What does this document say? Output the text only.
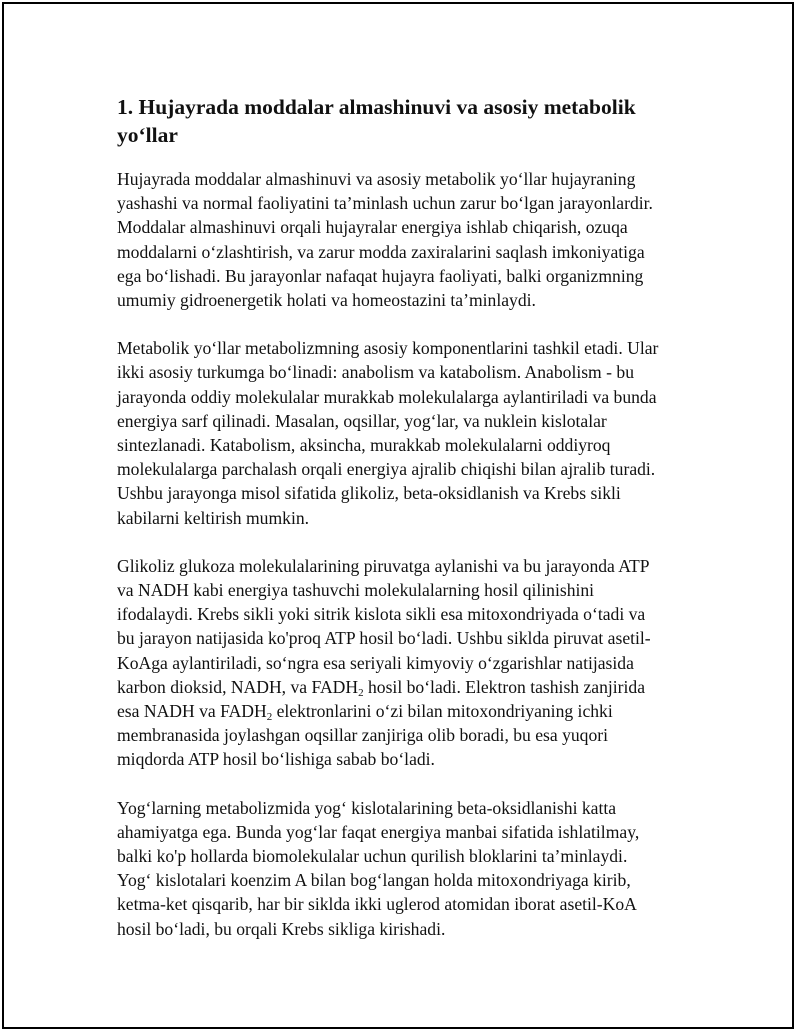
1. Hujayrada moddalar almashinuvi va asosiy metabolik
yo‘llar

Hujayrada moddalar almashinuvi va asosiy metabolik yo‘llar hujayraning
yashashi va normal faoliyatini ta’minlash uchun zarur bo‘lgan jarayonlardir.
Moddalar almashinuvi orqali hujayralar energiya ishlab chiqarish, ozuqa
moddalarni o‘zlashtirish, va zarur modda zaxiralarini saqlash imkoniyatiga
ega bo‘lishadi. Bu jarayonlar nafaqat hujayra faoliyati, balki organizmning
umumiy gidroenergetik holati va homeostazini ta’minlaydi.

Metabolik yo‘llar metabolizmning asosiy komponentlarini tashkil etadi. Ular
ikki asosiy turkumga bo‘linadi: anabolism va katabolism. Anabolism - bu
jarayonda oddiy molekulalar murakkab molekulalarga aylantiriladi va bunda
energiya sarf qilinadi. Masalan, oqsillar, yog‘lar, va nuklein kislotalar
sintezlanadi. Katabolism, aksincha, murakkab molekulalarni oddiyroq
molekulalarga parchalash orqali energiya ajralib chiqishi bilan ajralib turadi.
Ushbu jarayonga misol sifatida glikoliz, beta-oksidlanish va Krebs sikli
kabilarni keltirish mumkin.

Glikoliz glukoza molekulalarining piruvatga aylanishi va bu jarayonda ATP
va NADH kabi energiya tashuvchi molekulalarning hosil qilinishini
ifodalaydi. Krebs sikli yoki sitrik kislota sikli esa mitoxondriyada o‘tadi va
bu jarayon natijasida ko'proq ATP hosil bo‘ladi. Ushbu siklda piruvat asetil-
KoAga aylantiriladi, so‘ngra esa seriyali kimyoviy o‘zgarishlar natijasida
karbon dioksid, NADH, va $FADH_2$ hosil bo‘ladi. Elektron tashish zanjirida
esa NADH va $FADH_2$ elektronlarini o‘zi bilan mitoxondriyaning ichki
membranasida joylashgan oqsillar zanjiriga olib boradi, bu esa yuqori
miqdorda ATP hosil bo‘lishiga sabab bo‘ladi.

Yog‘larning metabolizmida yog‘ kislotalarining beta-oksidlanishi katta
ahamiyatga ega. Bunda yog‘lar faqat energiya manbai sifatida ishlatilmay,
balki ko'p hollarda biomolekulalar uchun qurilish bloklarini ta’minlaydi.
Yog‘ kislotalari koenzim A bilan bog‘langan holda mitoxondriyaga kirib,
ketma-ket qisqarib, har bir siklda ikki uglerod atomidan iborat asetil-KoA
hosil bo‘ladi, bu orqali Krebs sikliga kirishadi.
